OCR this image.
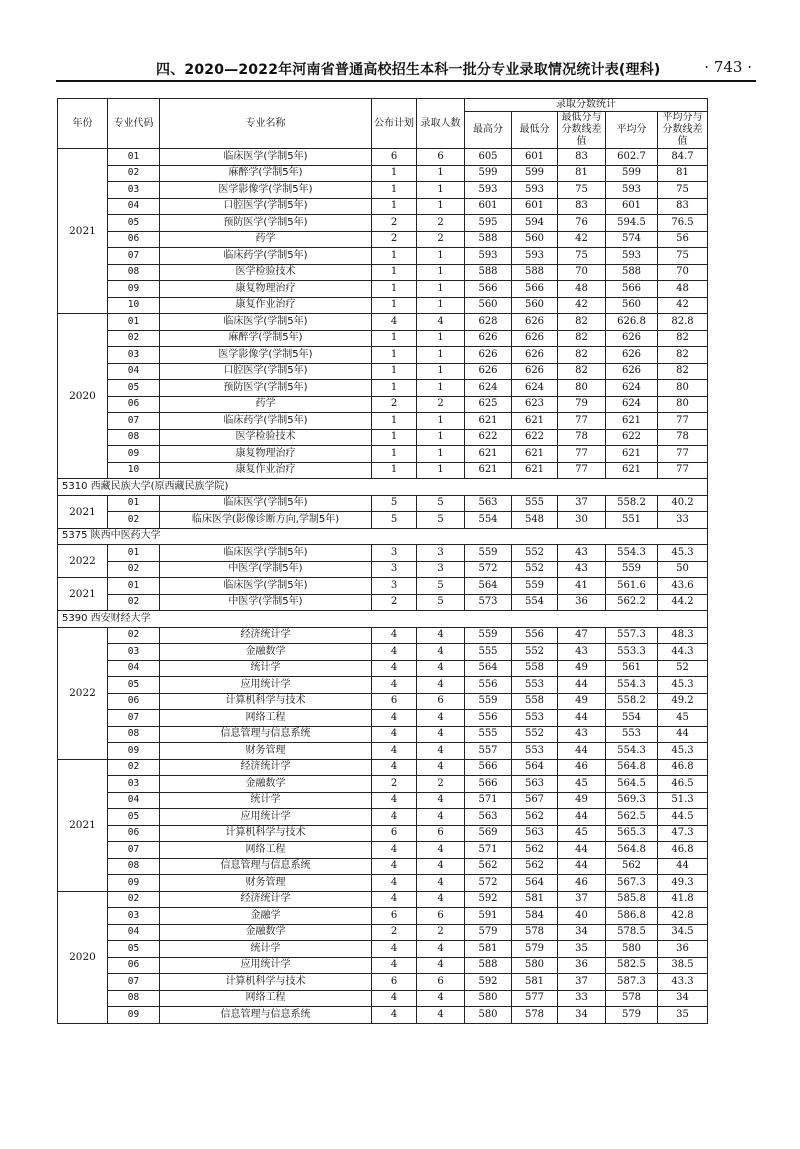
四、2020—2022年河南省普通高校招生本科一批分专业录取情况统计表(理科)	· 743 ·
年份	专业代码	专业名称	公布计划	录取人数	录取分数统计				
					最高分	最低分	最低分与分数线差值	平均分	平均分与分数线差值

2021	01	临床医学(学制5年)	6	6	605	601	83	602.7	84.7
	02	麻醉学(学制5年)	1	1	599	599	81	599	81
	03	医学影像学(学制5年)	1	1	593	593	75	593	75
	04	口腔医学(学制5年)	1	1	601	601	83	601	83
	05	预防医学(学制5年)	2	2	595	594	76	594.5	76.5
	06	药学	2	2	588	560	42	574	56
	07	临床药学(学制5年)	1	1	593	593	75	593	75
	08	医学检验技术	1	1	588	588	70	588	70
	09	康复物理治疗	1	1	566	566	48	566	48
	10	康复作业治疗	1	1	560	560	42	560	42
2020	01	临床医学(学制5年)	4	4	628	626	82	626.8	82.8
	02	麻醉学(学制5年)	1	1	626	626	82	626	82
	03	医学影像学(学制5年)	1	1	626	626	82	626	82
	04	口腔医学(学制5年)	1	1	626	626	82	626	82
	05	预防医学(学制5年)	1	1	624	624	80	624	80
	06	药学	2	2	625	623	79	624	80
	07	临床药学(学制5年)	1	1	621	621	77	621	77
	08	医学检验技术	1	1	622	622	78	622	78
	09	康复物理治疗	1	1	621	621	77	621	77
	10	康复作业治疗	1	1	621	621	77	621	77
5310 西藏民族大学(原西藏民族学院)									
2021	01	临床医学(学制5年)	5	5	563	555	37	558.2	40.2
	02	临床医学(影像诊断方向,学制5年)	5	5	554	548	30	551	33
5375 陕西中医药大学									
2022	01	临床医学(学制5年)	3	3	559	552	43	554.3	45.3
	02	中医学(学制5年)	3	3	572	552	43	559	50
2021	01	临床医学(学制5年)	3	5	564	559	41	561.6	43.6
	02	中医学(学制5年)	2	5	573	554	36	562.2	44.2
5390 西安财经大学									
2022	02	经济统计学	4	4	559	556	47	557.3	48.3
	03	金融数学	4	4	555	552	43	553.3	44.3
	04	统计学	4	4	564	558	49	561	52
	05	应用统计学	4	4	556	553	44	554.3	45.3
	06	计算机科学与技术	6	6	559	558	49	558.2	49.2
	07	网络工程	4	4	556	553	44	554	45
	08	信息管理与信息系统	4	4	555	552	43	553	44
	09	财务管理	4	4	557	553	44	554.3	45.3
2021	02	经济统计学	4	4	566	564	46	564.8	46.8
	03	金融数学	2	2	566	563	45	564.5	46.5
	04	统计学	4	4	571	567	49	569.3	51.3
	05	应用统计学	4	4	563	562	44	562.5	44.5
	06	计算机科学与技术	6	6	569	563	45	565.3	47.3
	07	网络工程	4	4	571	562	44	564.8	46.8
	08	信息管理与信息系统	4	4	562	562	44	562	44
	09	财务管理	4	4	572	564	46	567.3	49.3
2020	02	经济统计学	4	4	592	581	37	585.8	41.8
	03	金融学	6	6	591	584	40	586.8	42.8
	04	金融数学	2	2	579	578	34	578.5	34.5
	05	统计学	4	4	581	579	35	580	36
	06	应用统计学	4	4	588	580	36	582.5	38.5
	07	计算机科学与技术	6	6	592	581	37	587.3	43.3
	08	网络工程	4	4	580	577	33	578	34
	09	信息管理与信息系统	4	4	580	578	34	579	35
